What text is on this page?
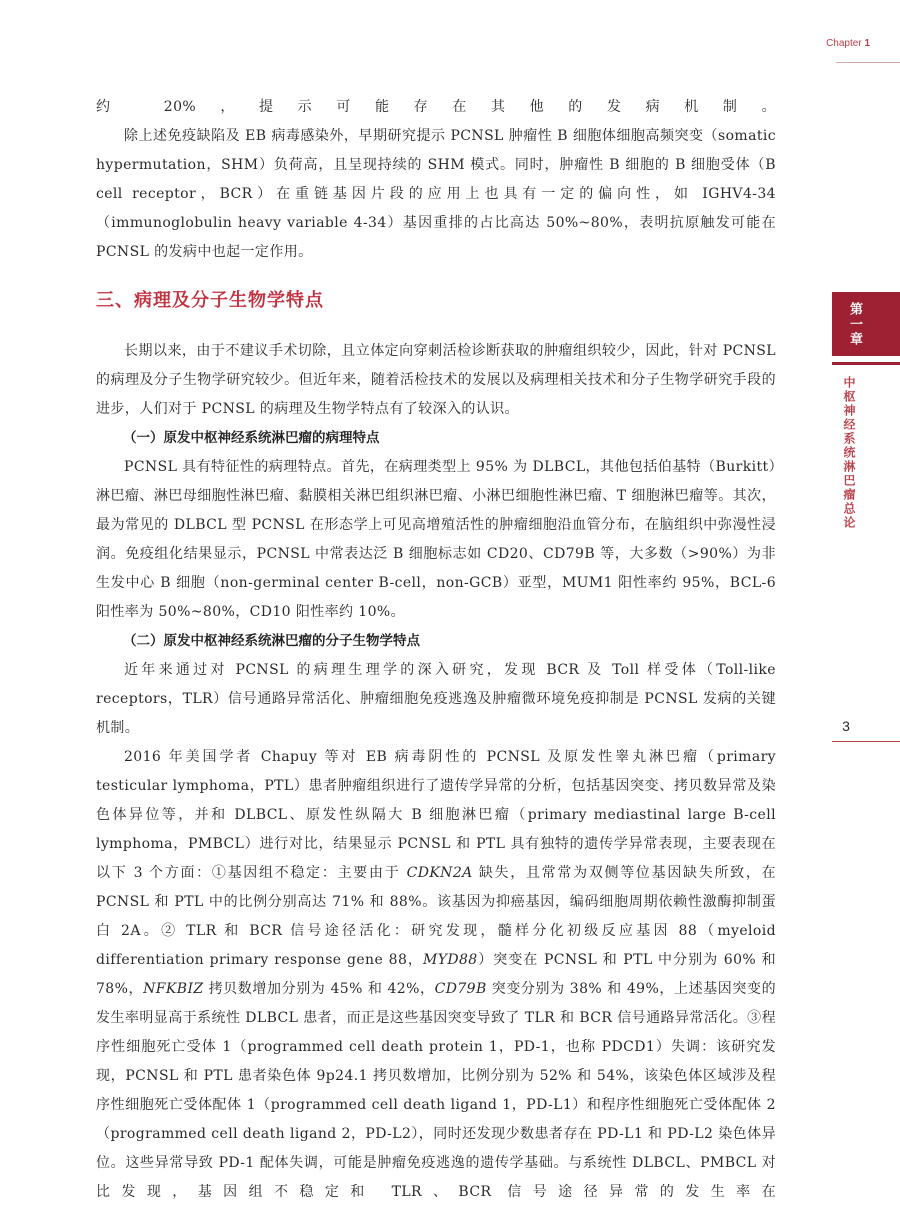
Chapter 1
第一章
中枢神经系统淋巴瘤总论
3

约 20%，提示可能存在其他的发病机制。

除上述免疫缺陷及 EB 病毒感染外，早期研究提示 PCNSL 肿瘤性 B 细胞体细胞高频突变（somatic hypermutation，SHM）负荷高，且呈现持续的 SHM 模式。同时，肿瘤性 B 细胞的 B 细胞受体（B cell receptor，BCR）在重链基因片段的应用上也具有一定的偏向性，如 IGHV4-34（immunoglobulin heavy variable 4-34）基因重排的占比高达 50%~80%，表明抗原触发可能在 PCNSL 的发病中也起一定作用。

三、病理及分子生物学特点

长期以来，由于不建议手术切除，且立体定向穿刺活检诊断获取的肿瘤组织较少，因此，针对 PCNSL 的病理及分子生物学研究较少。但近年来，随着活检技术的发展以及病理相关技术和分子生物学研究手段的进步，人们对于 PCNSL 的病理及生物学特点有了较深入的认识。

（一）原发中枢神经系统淋巴瘤的病理特点

PCNSL 具有特征性的病理特点。首先，在病理类型上 95% 为 DLBCL，其他包括伯基特（Burkitt）淋巴瘤、淋巴母细胞性淋巴瘤、黏膜相关淋巴组织淋巴瘤、小淋巴细胞性淋巴瘤、T 细胞淋巴瘤等。其次，最为常见的 DLBCL 型 PCNSL 在形态学上可见高增殖活性的肿瘤细胞沿血管分布，在脑组织中弥漫性浸润。免疫组化结果显示，PCNSL 中常表达泛 B 细胞标志如 CD20、CD79B 等，大多数（>90%）为非生发中心 B 细胞（non-germinal center B-cell，non-GCB）亚型，MUM1 阳性率约 95%，BCL-6 阳性率为 50%~80%，CD10 阳性率约 10%。

（二）原发中枢神经系统淋巴瘤的分子生物学特点

近年来通过对 PCNSL 的病理生理学的深入研究，发现 BCR 及 Toll 样受体（Toll-like receptors，TLR）信号通路异常活化、肿瘤细胞免疫逃逸及肿瘤微环境免疫抑制是 PCNSL 发病的关键机制。

2016 年美国学者 Chapuy 等对 EB 病毒阴性的 PCNSL 及原发性睾丸淋巴瘤（primary testicular lymphoma，PTL）患者肿瘤组织进行了遗传学异常的分析，包括基因突变、拷贝数异常及染色体异位等，并和 DLBCL、原发性纵隔大 B 细胞淋巴瘤（primary mediastinal large B-cell lymphoma，PMBCL）进行对比，结果显示 PCNSL 和 PTL 具有独特的遗传学异常表现，主要表现在以下 3 个方面：①基因组不稳定：主要由于 CDKN2A 缺失，且常常为双侧等位基因缺失所致，在 PCNSL 和 PTL 中的比例分别高达 71% 和 88%。该基因为抑癌基因，编码细胞周期依赖性激酶抑制蛋白 2A。② TLR 和 BCR 信号途径活化：研究发现，髓样分化初级反应基因 88（myeloid differentiation primary response gene 88，MYD88）突变在 PCNSL 和 PTL 中分别为 60% 和 78%，NFKBIZ 拷贝数增加分别为 45% 和 42%，CD79B 突变分别为 38% 和 49%，上述基因突变的发生率明显高于系统性 DLBCL 患者，而正是这些基因突变导致了 TLR 和 BCR 信号通路异常活化。③程序性细胞死亡受体 1（programmed cell death protein 1，PD-1，也称 PDCD1）失调：该研究发现，PCNSL 和 PTL 患者染色体 9p24.1 拷贝数增加，比例分别为 52% 和 54%，该染色体区域涉及程序性细胞死亡受体配体 1（programmed cell death ligand 1，PD-L1）和程序性细胞死亡受体配体 2（programmed cell death ligand 2，PD-L2），同时还发现少数患者存在 PD-L1 和 PD-L2 染色体异位。这些异常导致 PD-1 配体失调，可能是肿瘤免疫逃逸的遗传学基础。与系统性 DLBCL、PMBCL 对比发现，基因组不稳定和 TLR、BCR 信号途径异常的发生率在
